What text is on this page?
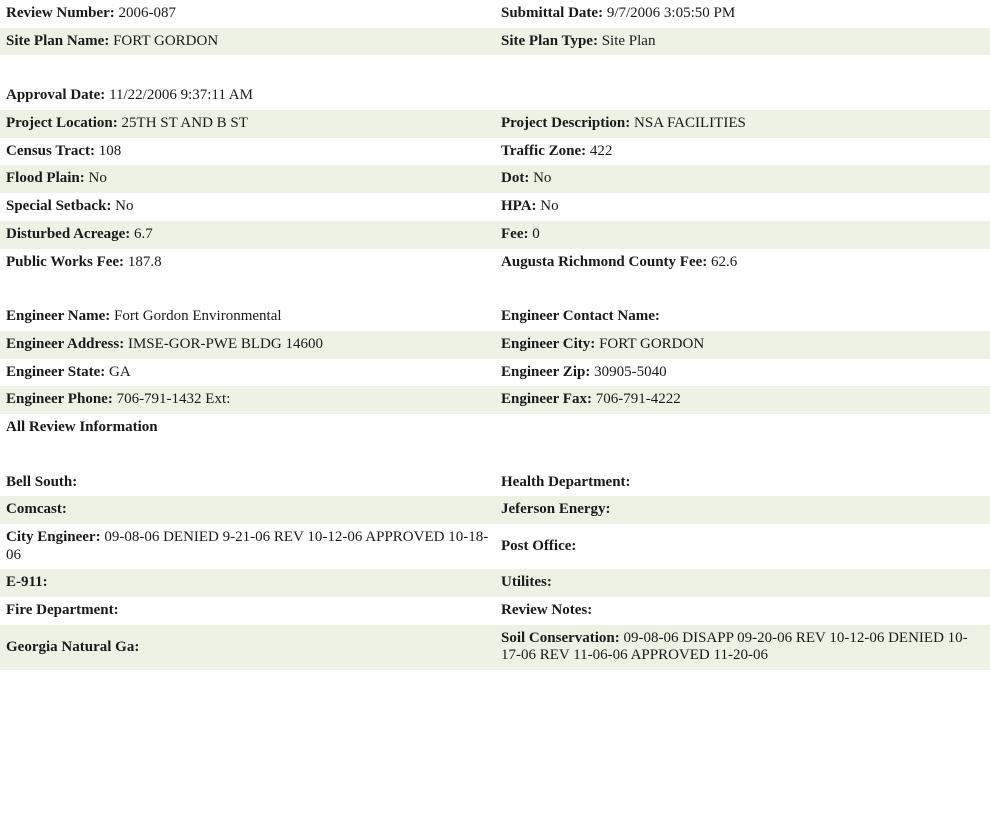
Review Number: 2006-087	Submittal Date: 9/7/2006 3:05:50 PM
Site Plan Name: FORT GORDON	Site Plan Type: Site Plan

Approval Date: 11/22/2006 9:37:11 AM	
Project Location: 25TH ST AND B ST	Project Description: NSA FACILITIES
Census Tract: 108	Traffic Zone: 422
Flood Plain: No	Dot: No
Special Setback: No	HPA: No
Disturbed Acreage: 6.7	Fee: 0
Public Works Fee: 187.8	Augusta Richmond County Fee: 62.6

Engineer Name: Fort Gordon Environmental	Engineer Contact Name:
Engineer Address: IMSE-GOR-PWE BLDG 14600	Engineer City: FORT GORDON
Engineer State: GA	Engineer Zip: 30905-5040
Engineer Phone: 706-791-1432 Ext:	Engineer Fax: 706-791-4222
All Review Information	

Bell South:	Health Department:
Comcast:	Jeferson Energy:
City Engineer: 09-08-06 DENIED 9-21-06 REV 10-12-06 APPROVED 10-18-06	Post Office:
E-911:	Utilites:
Fire Department:	Review Notes:
Georgia Natural Ga:	Soil Conservation: 09-08-06 DISAPP 09-20-06 REV 10-12-06 DENIED 10-17-06 REV 11-06-06 APPROVED 11-20-06
